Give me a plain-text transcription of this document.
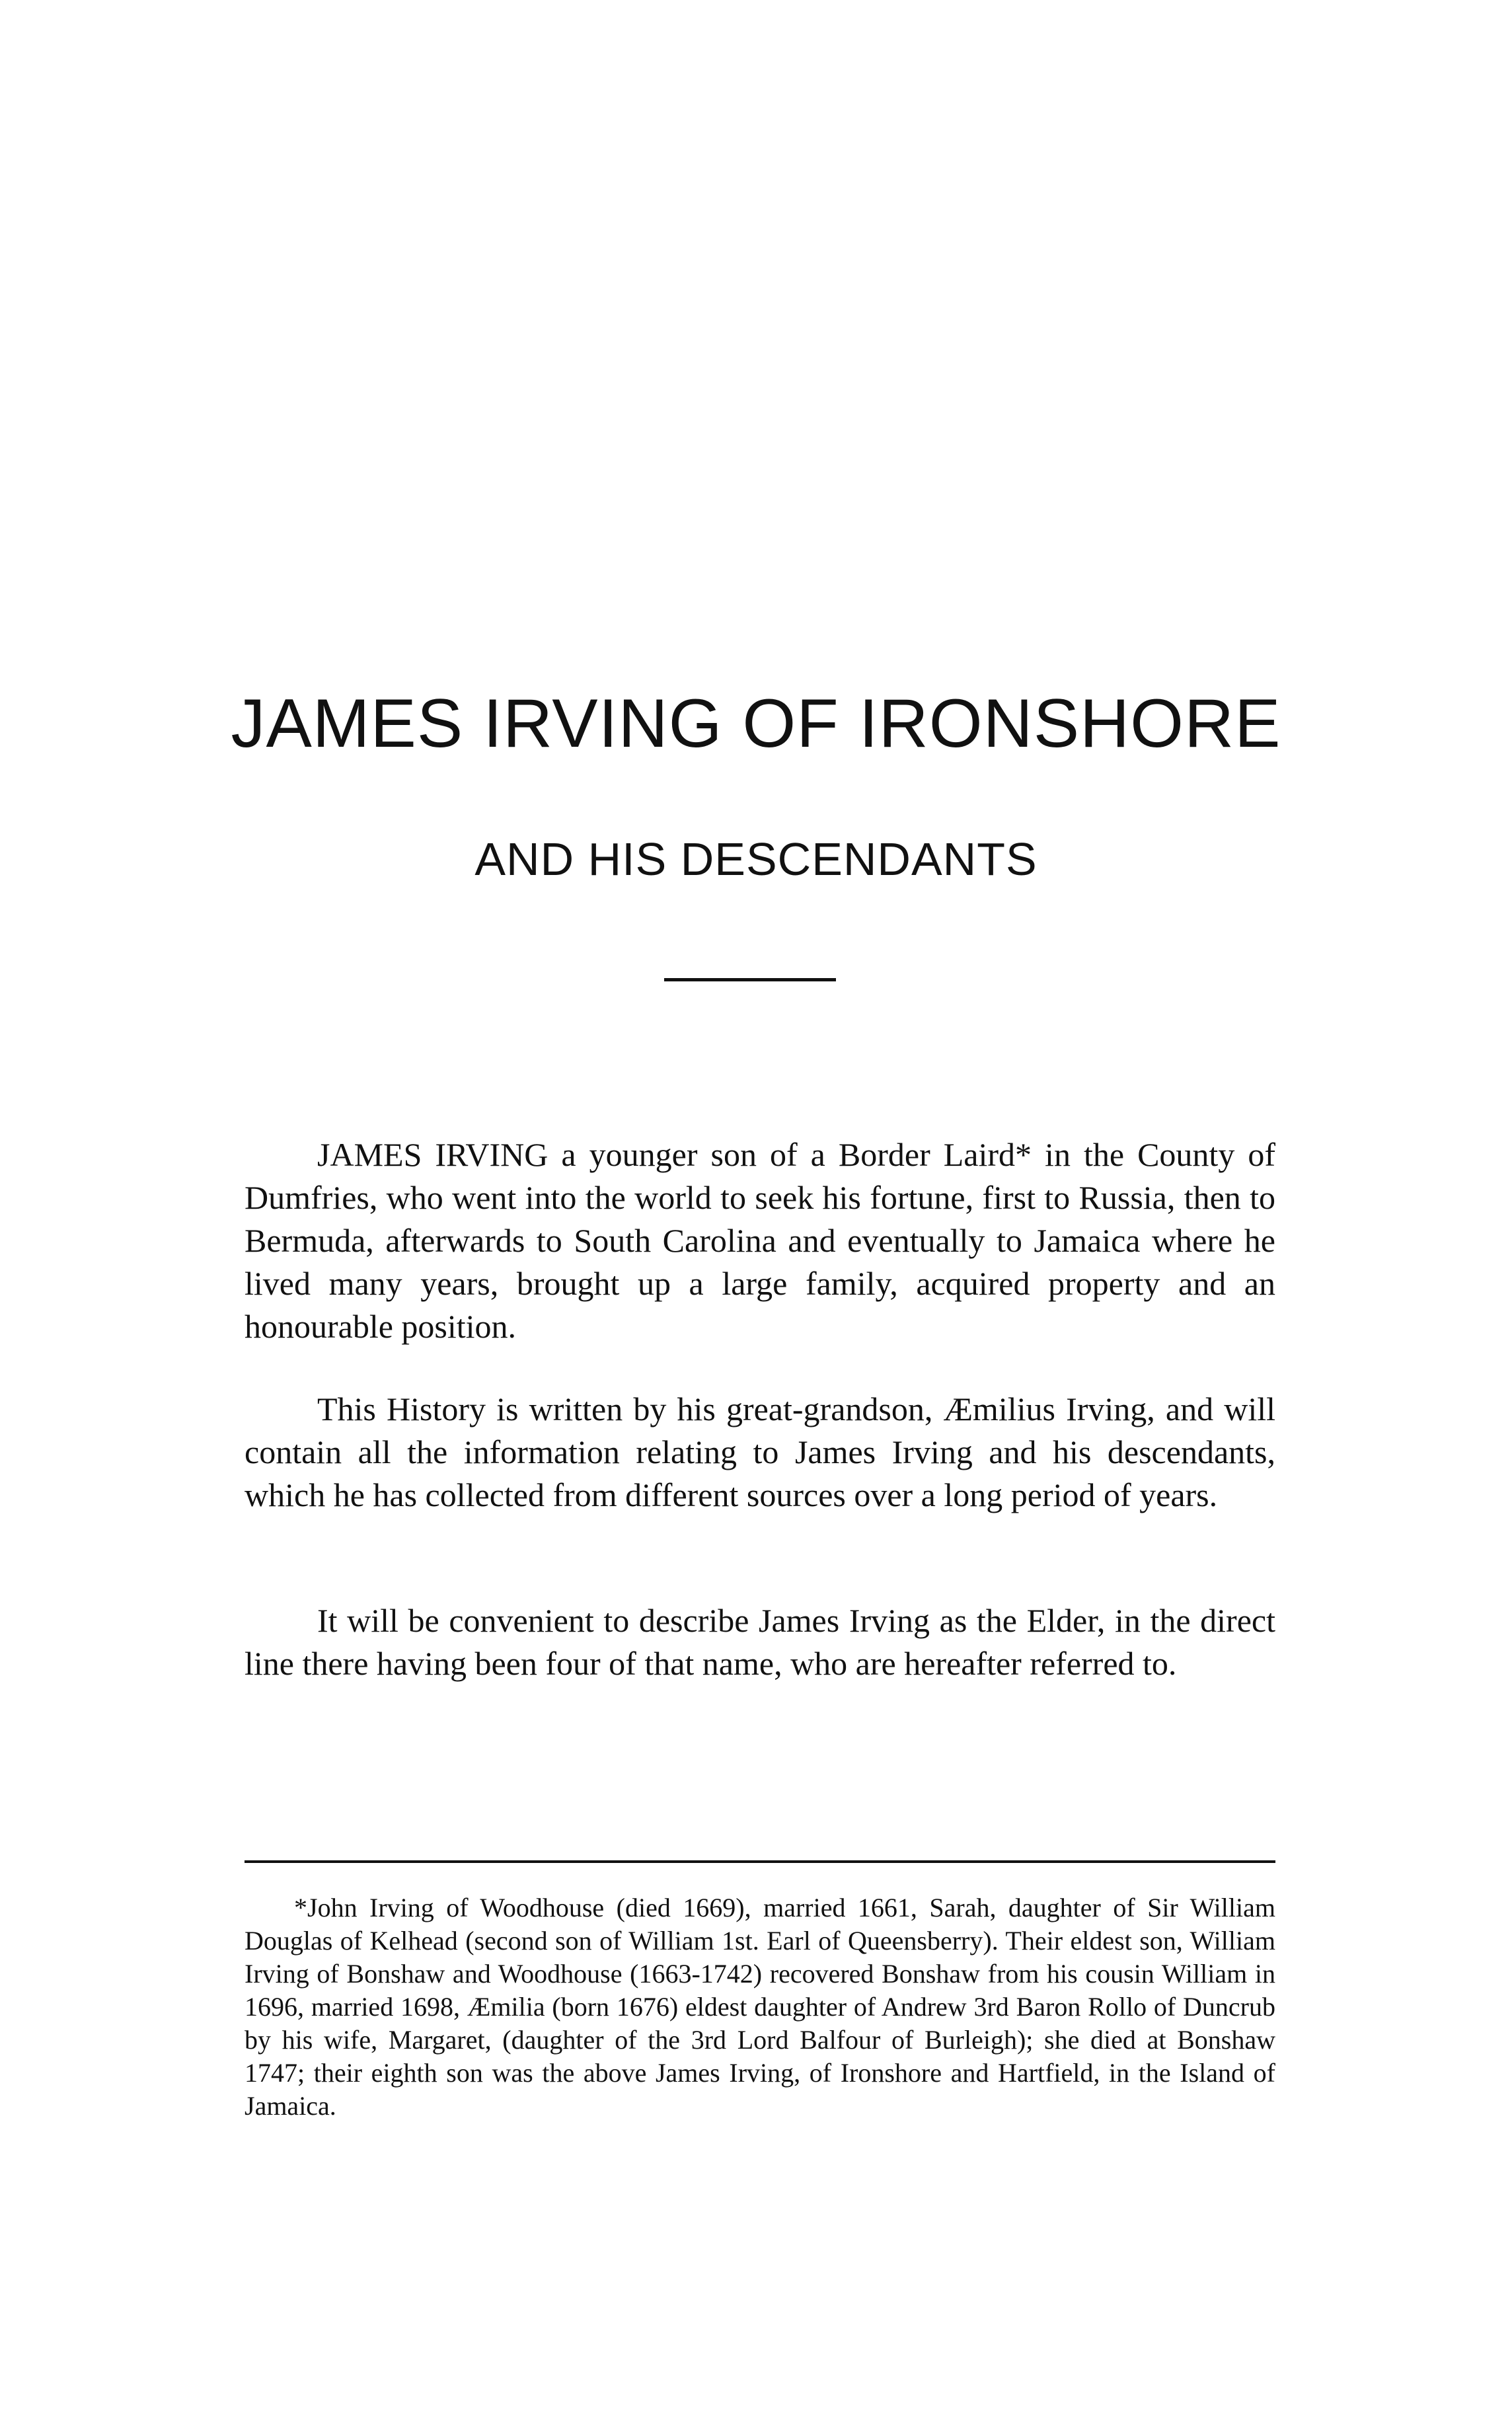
JAMES IRVING OF IRONSHORE
AND HIS DESCENDANTS

JAMES IRVING a younger son of a Border Laird* in the County of Dumfries, who went into the world to seek his fortune, first to Russia, then to Bermuda, afterwards to South Carolina and eventually to Jamaica where he lived many years, brought up a large family, acquired property and an honourable position.

This History is written by his great-grandson, Æmilius Irving, and will contain all the information relating to James Irving and his descendants, which he has collected from different sources over a long period of years.

It will be convenient to describe James Irving as the Elder, in the direct line there having been four of that name, who are hereafter referred to.

*John Irving of Woodhouse (died 1669), married 1661, Sarah, daughter of Sir William Douglas of Kelhead (second son of William 1st. Earl of Queensberry). Their eldest son, William Irving of Bonshaw and Woodhouse (1663-1742) recovered Bonshaw from his cousin William in 1696, married 1698, Æmilia (born 1676) eldest daughter of Andrew 3rd Baron Rollo of Duncrub by his wife, Margaret, (daughter of the 3rd Lord Balfour of Burleigh); she died at Bonshaw 1747; their eighth son was the above James Irving, of Ironshore and Hartfield, in the Island of Jamaica.
